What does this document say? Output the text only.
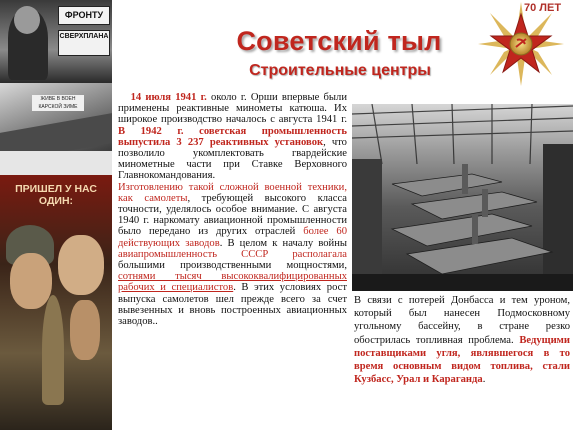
ФРОНТУ
СВЕРХПЛАНА
ЖИВЕ В ВОЕН КАРСКОЙ ЗИМЕ
ПРИШЕЛ У НАС ОДИН:
Советский тыл
Строительные центры
70 ЛЕТ

14 июля 1941 г. около г. Орши впервые были применены реактивные минометы катюша. Их широкое производство началось с августа 1941 г. В 1942 г. советская промышленность выпустила 3 237 реактивных установок, что позволило укомплектовать гвардейские минометные части при Ставке Верховного Главнокомандования.

Изготовлению такой сложной военной техники, как самолеты, требующей высокого класса точности, уделялось особое внимание. С августа 1940 г. наркомату авиационной промышленности было передано из других отраслей более 60 действующих заводов. В целом к началу войны авиапромышленность СССР располагала большими производственными мощностями, сотнями тысяч высококвалифицированных рабочих и специалистов. В этих условиях рост выпуска самолетов шел прежде всего за счет вывезенных и вновь построенных авиационных заводов..

В связи с потерей Донбасса и тем уроном, который был нанесен Подмосковному угольному бассейну, в стране резко обострилась топливная проблема. Ведущими поставщиками угля, являвшегося в то время основным видом топлива, стали Кузбасс, Урал и Караганда.
